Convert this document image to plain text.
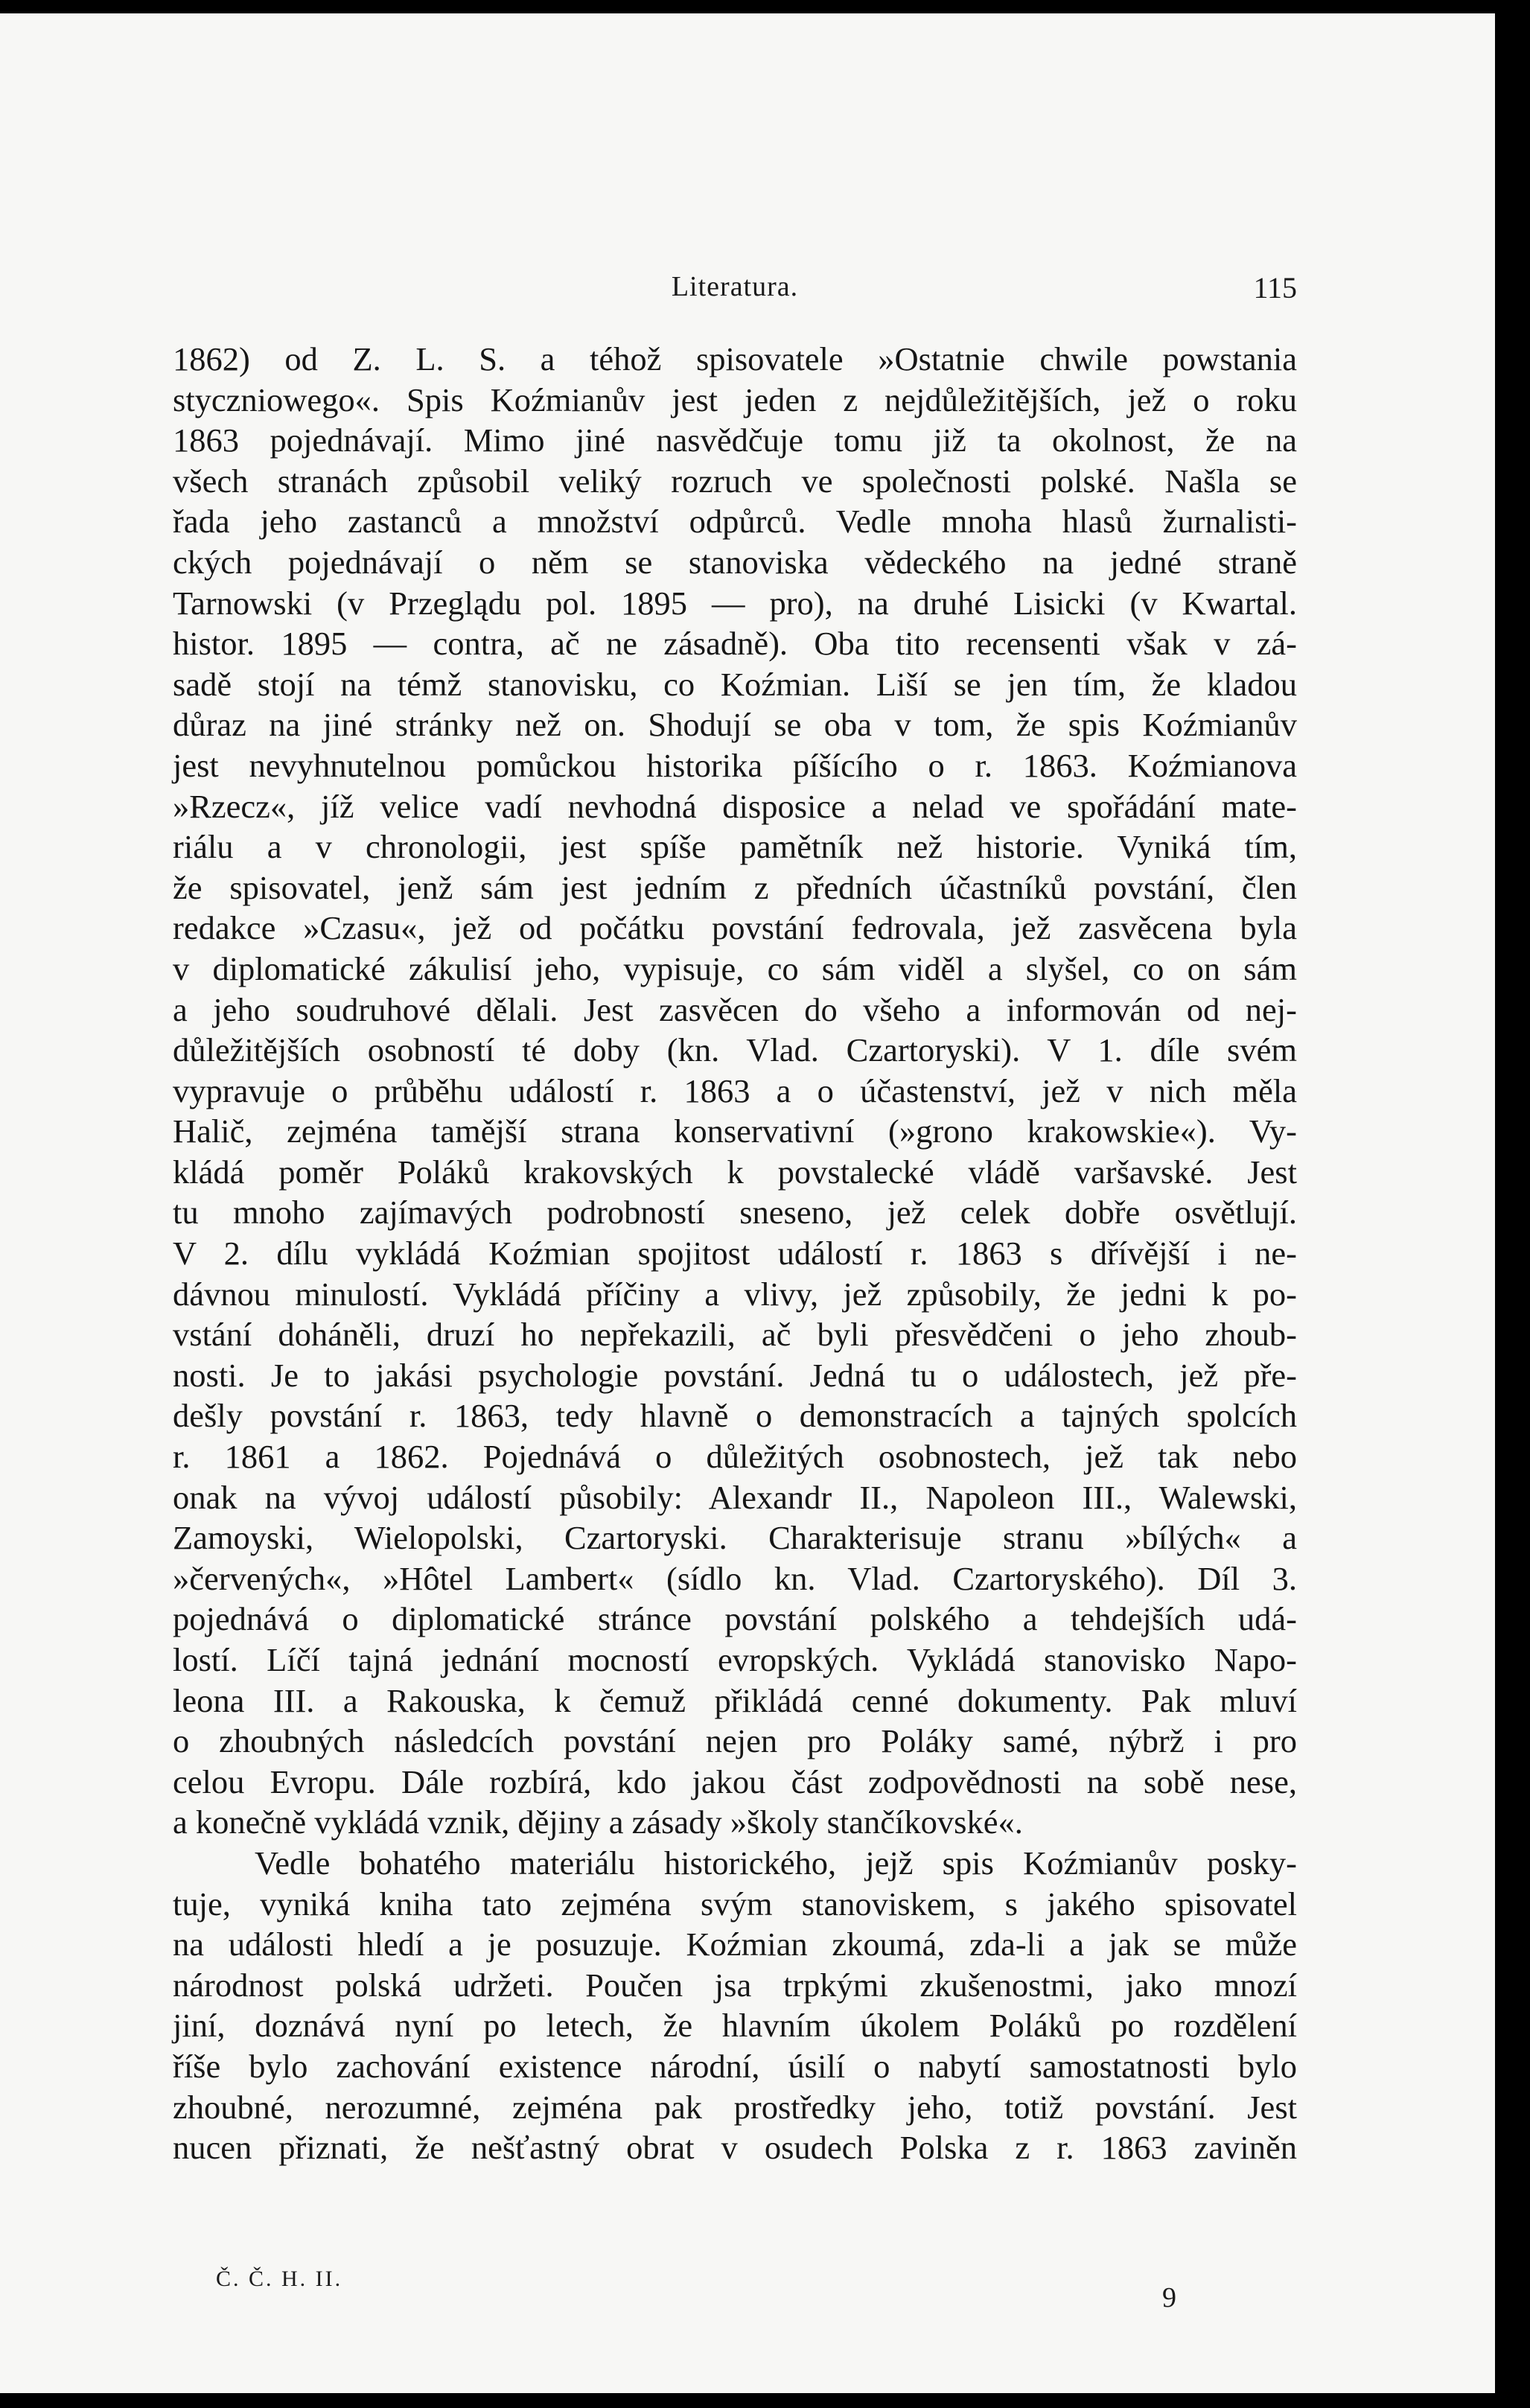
Literatura.	115
1862) od Z. L. S. a téhož spisovatele »Ostatnie chwile powstania
styczniowego«. Spis Koźmianův jest jeden z nejdůležitějších, jež o roku
1863 pojednávají. Mimo jiné nasvědčuje tomu již ta okolnost, že na
všech stranách způsobil veliký rozruch ve společnosti polské. Našla se
řada jeho zastanců a množství odpůrců. Vedle mnoha hlasů žurnalisti-
ckých pojednávají o něm se stanoviska vědeckého na jedné straně
Tarnowski (v Przeglądu pol. 1895 — pro), na druhé Lisicki (v Kwartal.
histor. 1895 — contra, ač ne zásadně). Oba tito recensenti však v zá-
sadě stojí na témž stanovisku, co Koźmian. Liší se jen tím, že kladou
důraz na jiné stránky než on. Shodují se oba v tom, že spis Koźmianův
jest nevyhnutelnou pomůckou historika píšícího o r. 1863. Koźmianova
»Rzecz«, jíž velice vadí nevhodná disposice a nelad ve spořádání mate-
riálu a v chronologii, jest spíše pamětník než historie. Vyniká tím,
že spisovatel, jenž sám jest jedním z předních účastníků povstání, člen
redakce »Czasu«, jež od počátku povstání fedrovala, jež zasvěcena byla
v diplomatické zákulisí jeho, vypisuje, co sám viděl a slyšel, co on sám
a jeho soudruhové dělali. Jest zasvěcen do všeho a informován od nej-
důležitějších osobností té doby (kn. Vlad. Czartoryski). V 1. díle svém
vypravuje o průběhu událostí r. 1863 a o účastenství, jež v nich měla
Halič, zejména tamější strana konservativní (»grono krakowskie«). Vy-
kládá poměr Poláků krakovských k povstalecké vládě varšavské. Jest
tu mnoho zajímavých podrobností sneseno, jež celek dobře osvětlují.
V 2. dílu vykládá Koźmian spojitost událostí r. 1863 s dřívější i ne-
dávnou minulostí. Vykládá příčiny a vlivy, jež způsobily, že jedni k po-
vstání doháněli, druzí ho nepřekazili, ač byli přesvědčeni o jeho zhoub-
nosti. Je to jakási psychologie povstání. Jedná tu o událostech, jež pře-
dešly povstání r. 1863, tedy hlavně o demonstracích a tajných spolcích
r. 1861 a 1862. Pojednává o důležitých osobnostech, jež tak nebo
onak na vývoj událostí působily: Alexandr II., Napoleon III., Walewski,
Zamoyski, Wielopolski, Czartoryski. Charakterisuje stranu »bílých« a
»červených«, »Hôtel Lambert« (sídlo kn. Vlad. Czartoryského). Díl 3.
pojednává o diplomatické stránce povstání polského a tehdejších udá-
lostí. Líčí tajná jednání mocností evropských. Vykládá stanovisko Napo-
leona III. a Rakouska, k čemuž přikládá cenné dokumenty. Pak mluví
o zhoubných následcích povstání nejen pro Poláky samé, nýbrž i pro
celou Evropu. Dále rozbírá, kdo jakou část zodpovědnosti na sobě nese,
a konečně vykládá vznik, dějiny a zásady »školy stančíkovské«.
Vedle bohatého materiálu historického, jejž spis Koźmianův posky-
tuje, vyniká kniha tato zejména svým stanoviskem, s jakého spisovatel
na události hledí a je posuzuje. Koźmian zkoumá, zda-li a jak se může
národnost polská udržeti. Poučen jsa trpkými zkušenostmi, jako mnozí
jiní, doznává nyní po letech, že hlavním úkolem Poláků po rozdělení
říše bylo zachování existence národní, úsilí o nabytí samostatnosti bylo
zhoubné, nerozumné, zejména pak prostředky jeho, totiž povstání. Jest
nucen přiznati, že nešťastný obrat v osudech Polska z r. 1863 zaviněn
Č. Č. H. II.
9
